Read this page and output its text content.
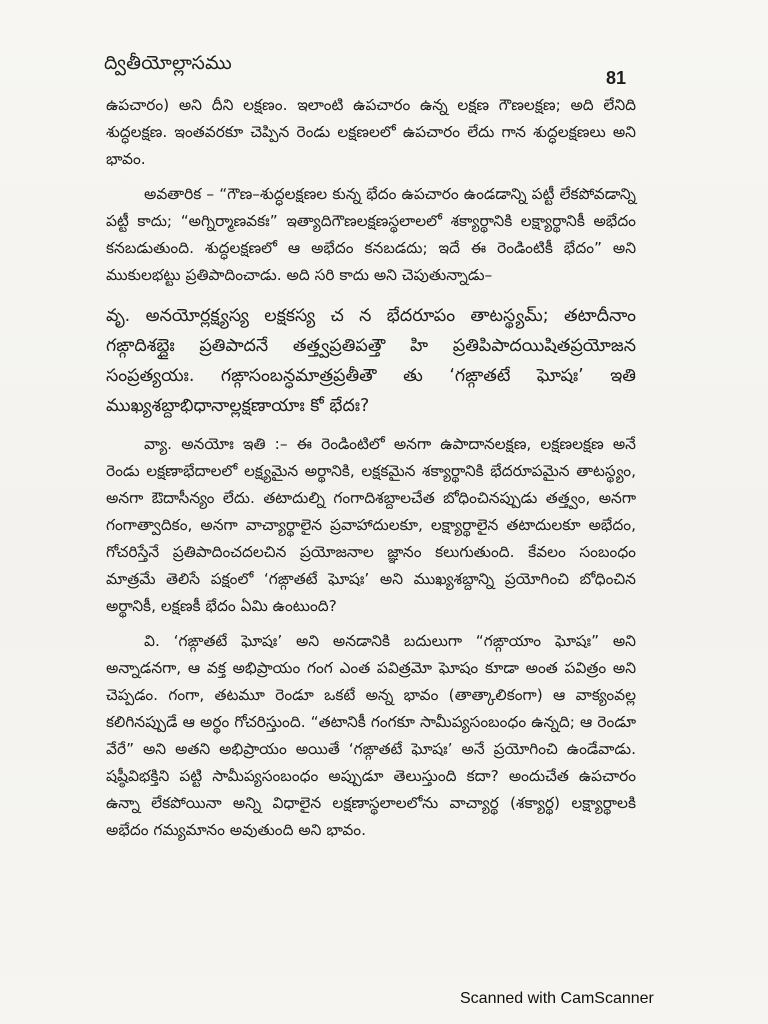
ద్వితీయోల్లాసము
81

ఉపచారం) అని దీని లక్షణం. ఇలాంటి ఉపచారం ఉన్న లక్షణ గౌణలక్షణ; అది లేనిది శుద్ధలక్షణ. ఇంతవరకూ చెప్పిన రెండు లక్షణలలో ఉపచారం లేదు గాన శుద్ధలక్షణలు అని భావం.

అవతారిక – “గౌణ–శుద్ధలక్షణల కున్న భేదం ఉపచారం ఉండడాన్ని పట్టీ లేకపోవడాన్ని పట్టీ కాదు; “అగ్నిర్మాణవకః” ఇత్యాదిగౌణలక్షణస్థలాలలో శక్యార్థానికి లక్ష్యార్థానికీ అభేదం కనబడుతుంది. శుద్ధలక్షణలో ఆ అభేదం కనబడదు; ఇదే ఈ రెండింటికీ భేదం” అని ముకులభట్టు ప్రతిపాదించాడు. అది సరి కాదు అని చెపుతున్నాడు–

వృ. అనయోర్లక్ష్యస్య లక్షకస్య చ న భేదరూపం తాటస్థ్యమ్; తటాదీనాం గఙ్గాదిశబ్దైః ప్రతిపాదనే తత్త్వప్రతిపత్తౌ హి ప్రతిపిపాదయిషితప్రయోజన సంప్రత్యయః. గఙ్గాసంబన్ధమాత్రప్రతీతౌ తు ‘గఙ్గాతటే ఘోషః’ ఇతి ముఖ్యశబ్దాభిధానాల్లక్షణాయాః కో భేదః?

వ్యా. అనయోః ఇతి :– ఈ రెండింటిలో అనగా ఉపాదానలక్షణ, లక్షణలక్షణ అనే రెండు లక్షణాభేదాలలో లక్ష్యమైన అర్థానికి, లక్షకమైన శక్యార్థానికి భేదరూపమైన తాటస్థ్యం, అనగా ఔదాసీన్యం లేదు. తటాదుల్ని గంగాదిశబ్దాలచేత బోధించినప్పుడు తత్త్వం, అనగా గంగాత్వాదికం, అనగా వాచ్యార్థాలైన ప్రవాహాదులకూ, లక్ష్యార్థాలైన తటాదులకూ అభేదం, గోచరిస్తేనే ప్రతిపాదించదలచిన ప్రయోజనాల జ్ఞానం కలుగుతుంది. కేవలం సంబంధం మాత్రమే తెలిసే పక్షంలో ‘గఙ్గాతటే ఘోషః’ అని ముఖ్యశబ్దాన్ని ప్రయోగించి బోధించిన అర్థానికీ, లక్షణకీ భేదం ఏమి ఉంటుంది?

వి. ‘గఙ్గాతటే ఘోషః’ అని అనడానికి బదులుగా “గఙ్గాయాం ఘోషః” అని అన్నాడనగా, ఆ వక్త అభిప్రాయం గంగ ఎంత పవిత్రమో ఘోషం కూడా అంత పవిత్రం అని చెప్పడం. గంగా, తటమూ రెండూ ఒకటే అన్న భావం (తాత్కాలికంగా) ఆ వాక్యంవల్ల కలిగినప్పుడే ఆ అర్థం గోచరిస్తుంది. “తటానికీ గంగకూ సామీప్యసంబంధం ఉన్నది; ఆ రెండూ వేరే” అని అతని అభిప్రాయం అయితే ‘గఙ్గాతటే ఘోషః’ అనే ప్రయోగించి ఉండేవాడు. షష్ఠీవిభక్తిని పట్టి సామీప్యసంబంధం అప్పుడూ తెలుస్తుంది కదా? అందుచేత ఉపచారం ఉన్నా లేకపోయినా అన్ని విధాలైన లక్షణాస్థలాలలోను వాచ్యార్థ (శక్యార్థ) లక్ష్యార్థాలకి అభేదం గమ్యమానం అవుతుంది అని భావం.

Scanned with CamScanner
